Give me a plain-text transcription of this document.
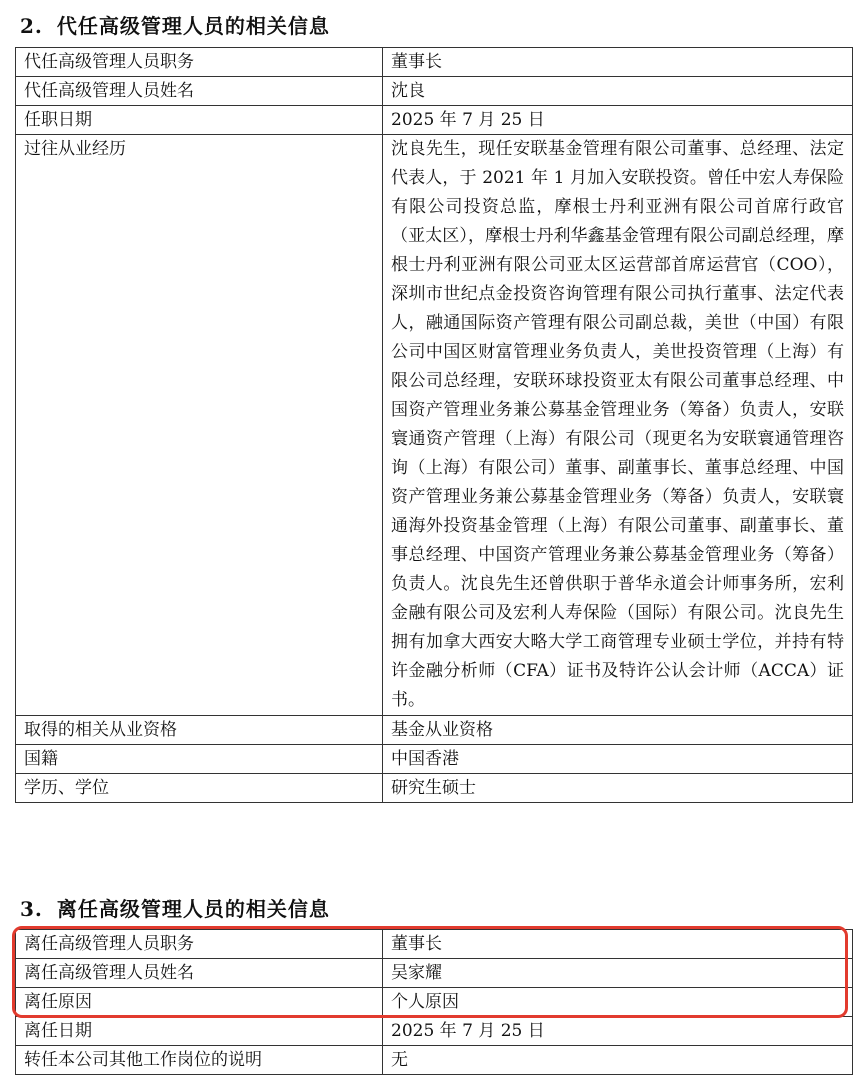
2. 代任高级管理人员的相关信息
代任高级管理人员职务	董事长
代任高级管理人员姓名	沈良
任职日期	2025 年 7 月 25 日
过往从业经历	沈良先生，现任安联基金管理有限公司董事、总经理、法定代表人，于 2021 年 1 月加入安联投资。曾任中宏人寿保险有限公司投资总监，摩根士丹利亚洲有限公司首席行政官（亚太区），摩根士丹利华鑫基金管理有限公司副总经理，摩根士丹利亚洲有限公司亚太区运营部首席运营官（COO），深圳市世纪点金投资咨询管理有限公司执行董事、法定代表人，融通国际资产管理有限公司副总裁，美世（中国）有限公司中国区财富管理业务负责人，美世投资管理（上海）有限公司总经理，安联环球投资亚太有限公司董事总经理、中国资产管理业务兼公募基金管理业务（筹备）负责人，安联寰通资产管理（上海）有限公司（现更名为安联寰通管理咨询（上海）有限公司）董事、副董事长、董事总经理、中国资产管理业务兼公募基金管理业务（筹备）负责人，安联寰通海外投资基金管理（上海）有限公司董事、副董事长、董事总经理、中国资产管理业务兼公募基金管理业务（筹备）负责人。沈良先生还曾供职于普华永道会计师事务所，宏利金融有限公司及宏利人寿保险（国际）有限公司。沈良先生拥有加拿大西安大略大学工商管理专业硕士学位，并持有特许金融分析师（CFA）证书及特许公认会计师（ACCA）证书。
取得的相关从业资格	基金从业资格
国籍	中国香港
学历、学位	研究生硕士
3. 离任高级管理人员的相关信息
离任高级管理人员职务	董事长
离任高级管理人员姓名	吴家耀
离任原因	个人原因
离任日期	2025 年 7 月 25 日
转任本公司其他工作岗位的说明	无
